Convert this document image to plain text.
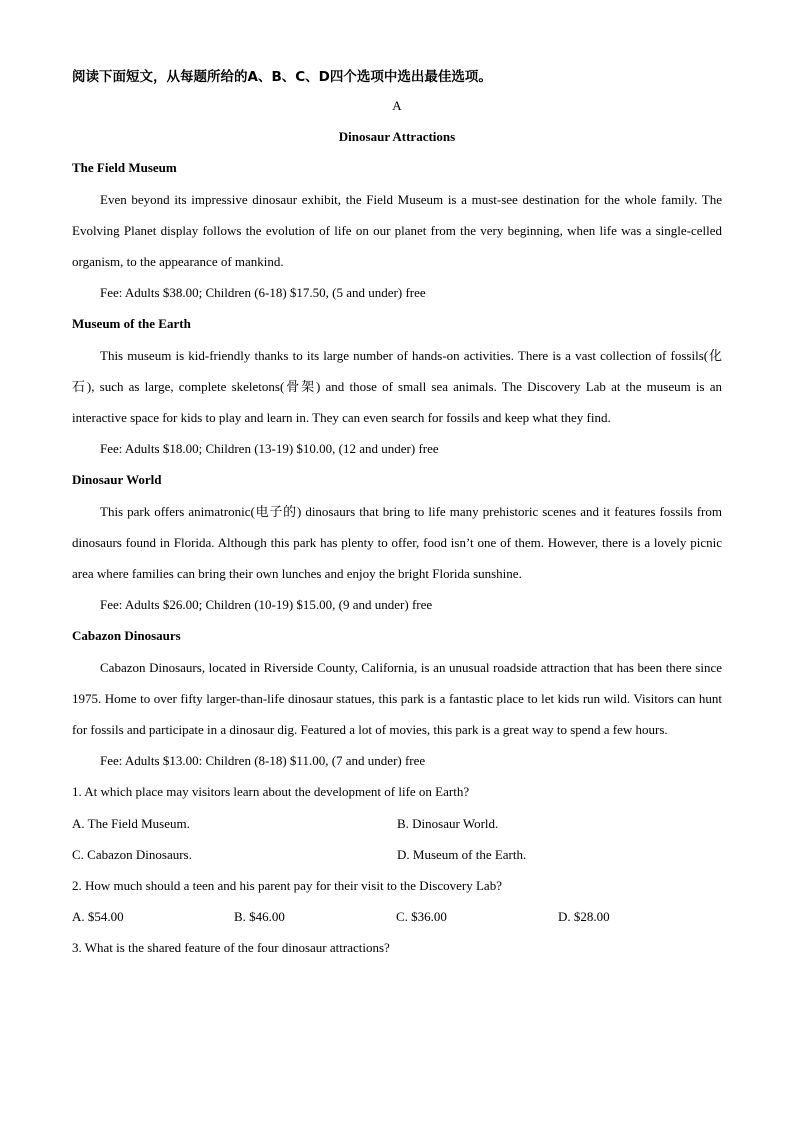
阅读下面短文，从每题所给的A、B、C、D四个选项中选出最佳选项。
A
Dinosaur Attractions
The Field Museum
Even beyond its impressive dinosaur exhibit, the Field Museum is a must-see destination for the whole family. The Evolving Planet display follows the evolution of life on our planet from the very beginning, when life was a single-celled organism, to the appearance of mankind.
Fee: Adults $38.00; Children (6-18) $17.50, (5 and under) free
Museum of the Earth
This museum is kid-friendly thanks to its large number of hands-on activities. There is a vast collection of fossils(化石), such as large, complete skeletons(骨架) and those of small sea animals. The Discovery Lab at the museum is an interactive space for kids to play and learn in. They can even search for fossils and keep what they find.
Fee: Adults $18.00; Children (13-19) $10.00, (12 and under) free
Dinosaur World
This park offers animatronic(电子的) dinosaurs that bring to life many prehistoric scenes and it features fossils from dinosaurs found in Florida. Although this park has plenty to offer, food isn’t one of them. However, there is a lovely picnic area where families can bring their own lunches and enjoy the bright Florida sunshine.
Fee: Adults $26.00; Children (10-19) $15.00, (9 and under) free
Cabazon Dinosaurs
Cabazon Dinosaurs, located in Riverside County, California, is an unusual roadside attraction that has been there since 1975. Home to over fifty larger-than-life dinosaur statues, this park is a fantastic place to let kids run wild. Visitors can hunt for fossils and participate in a dinosaur dig. Featured a lot of movies, this park is a great way to spend a few hours.
Fee: Adults $13.00: Children (8-18) $11.00, (7 and under) free
1. At which place may visitors learn about the development of life on Earth?
A. The Field Museum.	B. Dinosaur World.
C. Cabazon Dinosaurs.	D. Museum of the Earth.
2. How much should a teen and his parent pay for their visit to the Discovery Lab?
A. $54.00	B. $46.00	C. $36.00	D. $28.00
3. What is the shared feature of the four dinosaur attractions?
